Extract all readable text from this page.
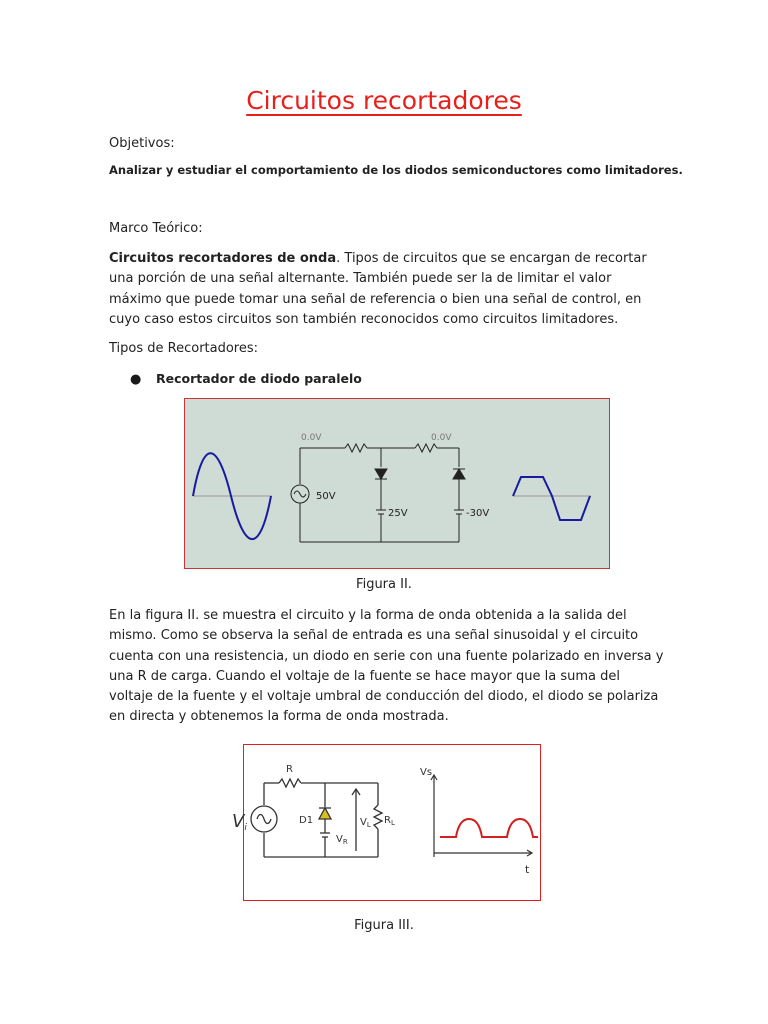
Circuitos recortadores
Objetivos:
Analizar y estudiar el comportamiento de los diodos semiconductores como limitadores.
Marco Teórico:
Circuitos recortadores de onda. Tipos de circuitos que se encargan de recortar una porción de una señal alternante. También puede ser la de limitar el valor máximo que puede tomar una señal de referencia o bien una señal de control, en cuyo caso estos circuitos son también reconocidos como circuitos limitadores.
Tipos de Recortadores:
● Recortador de diodo paralelo
0.0V	0.0V
50V
25V	-30V
Figura II.
En la figura II. se muestra el circuito y la forma de onda obtenida a la salida del mismo. Como se observa la señal de entrada es una señal sinusoidal y el circuito cuenta con una resistencia, un diodo en serie con una fuente polarizado en inversa y una R de carga. Cuando el voltaje de la fuente se hace mayor que la suma del voltaje de la fuente y el voltaje umbral de conducción del diodo, el diodo se polariza en directa y obtenemos la forma de onda mostrada.
R
Vi
D1
$V_R$
$V_L$ $R_L$
Vs
t
Figura III.
